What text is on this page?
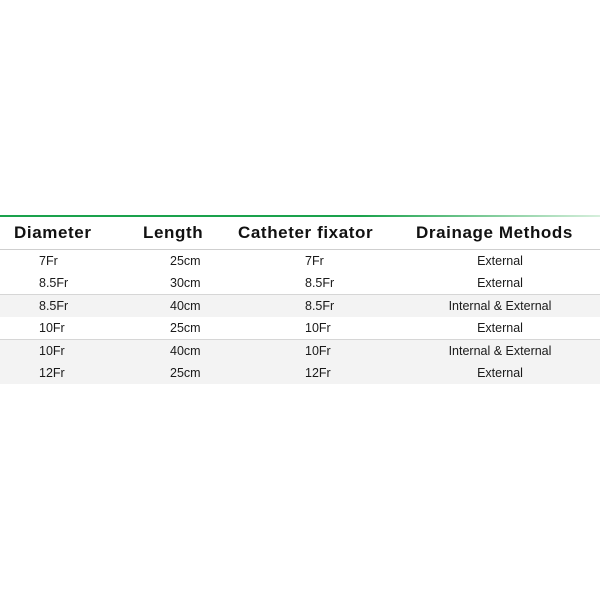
Diameter	Length	Catheter fixator	Drainage Methods
7Fr	25cm	7Fr	External
8.5Fr	30cm	8.5Fr	External
8.5Fr	40cm	8.5Fr	Internal & External
10Fr	25cm	10Fr	External
10Fr	40cm	10Fr	Internal & External
12Fr	25cm	12Fr	External
